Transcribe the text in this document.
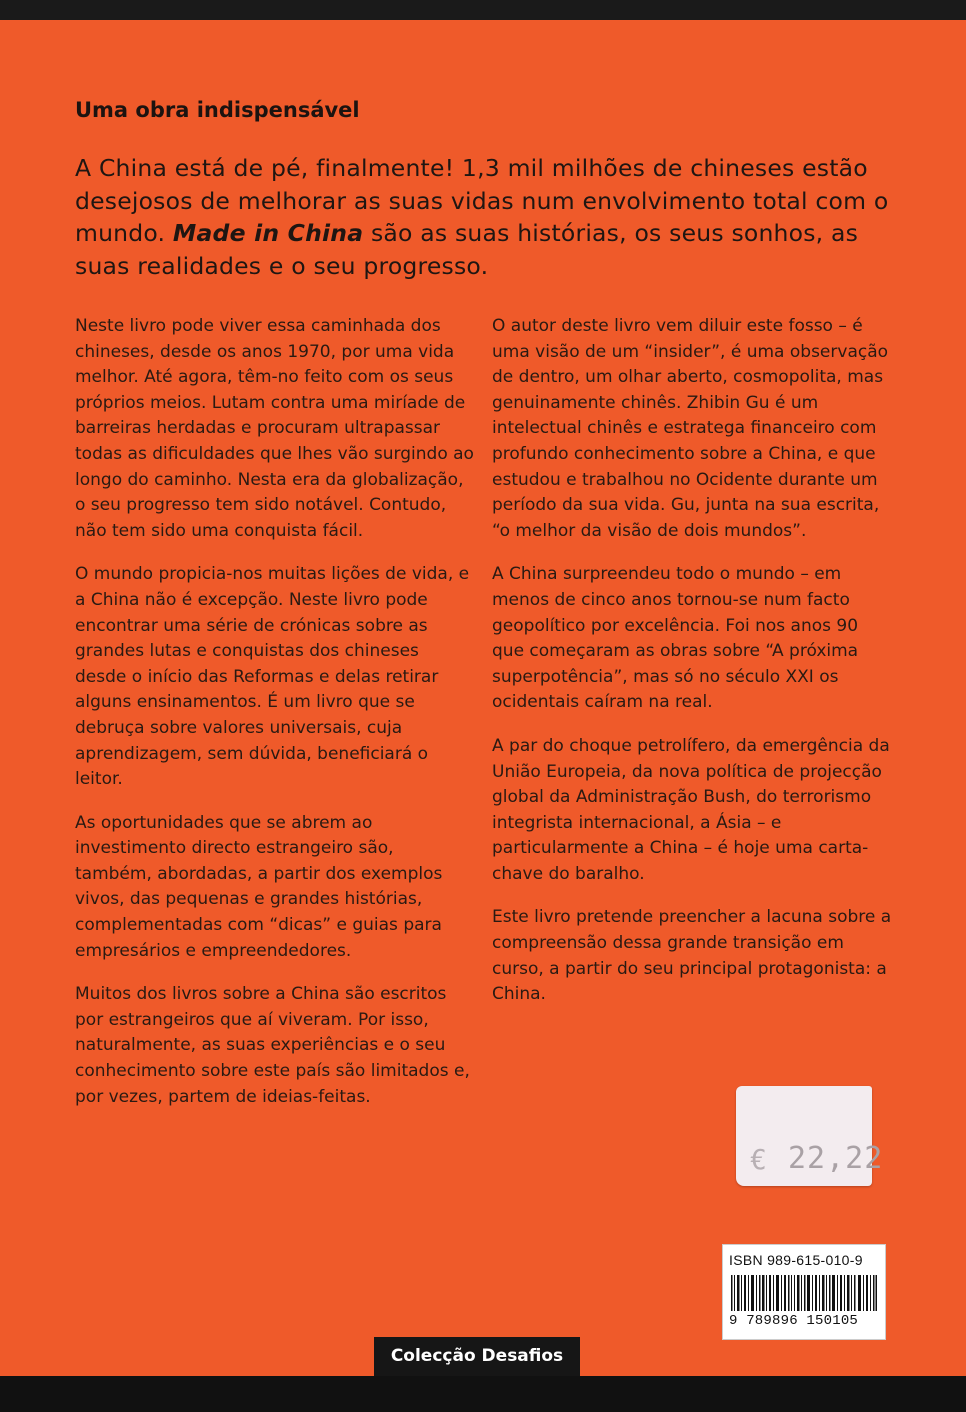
Uma obra indispensável

A China está de pé, finalmente! 1,3 mil milhões de chineses estão desejosos de melhorar as suas vidas num envolvimento total com o mundo. Made in China são as suas histórias, os seus sonhos, as suas realidades e o seu progresso.

Neste livro pode viver essa caminhada dos chineses, desde os anos 1970, por uma vida melhor. Até agora, têm-no feito com os seus próprios meios. Lutam contra uma miríade de barreiras herdadas e procuram ultrapassar todas as dificuldades que lhes vão surgindo ao longo do caminho. Nesta era da globalização, o seu progresso tem sido notável. Contudo, não tem sido uma conquista fácil.

O mundo propicia-nos muitas lições de vida, e a China não é excepção. Neste livro pode encontrar uma série de crónicas sobre as grandes lutas e conquistas dos chineses desde o início das Reformas e delas retirar alguns ensinamentos. É um livro que se debruça sobre valores universais, cuja aprendizagem, sem dúvida, beneficiará o leitor.

As oportunidades que se abrem ao investimento directo estrangeiro são, também, abordadas, a partir dos exemplos vivos, das pequenas e grandes histórias, complementadas com “dicas” e guias para empresários e empreendedores.

Muitos dos livros sobre a China são escritos por estrangeiros que aí viveram. Por isso, naturalmente, as suas experiências e o seu conhecimento sobre este país são limitados e, por vezes, partem de ideias-feitas.

O autor deste livro vem diluir este fosso – é uma visão de um “insider”, é uma observação de dentro, um olhar aberto, cosmopolita, mas genuinamente chinês. Zhibin Gu é um intelectual chinês e estratega financeiro com profundo conhecimento sobre a China, e que estudou e trabalhou no Ocidente durante um período da sua vida. Gu, junta na sua escrita, “o melhor da visão de dois mundos”.

A China surpreendeu todo o mundo – em menos de cinco anos tornou-se num facto geopolítico por excelência. Foi nos anos 90 que começaram as obras sobre “A próxima superpotência”, mas só no século XXI os ocidentais caíram na real.

A par do choque petrolífero, da emergência da União Europeia, da nova política de projecção global da Administração Bush, do terrorismo integrista internacional, a Ásia – e particularmente a China – é hoje uma carta-chave do baralho.

Este livro pretende preencher a lacuna sobre a compreensão dessa grande transição em curso, a partir do seu principal protagonista: a China.

€ 22,22
ISBN 989-615-010-9
9 789896 150105
Colecção Desafios
